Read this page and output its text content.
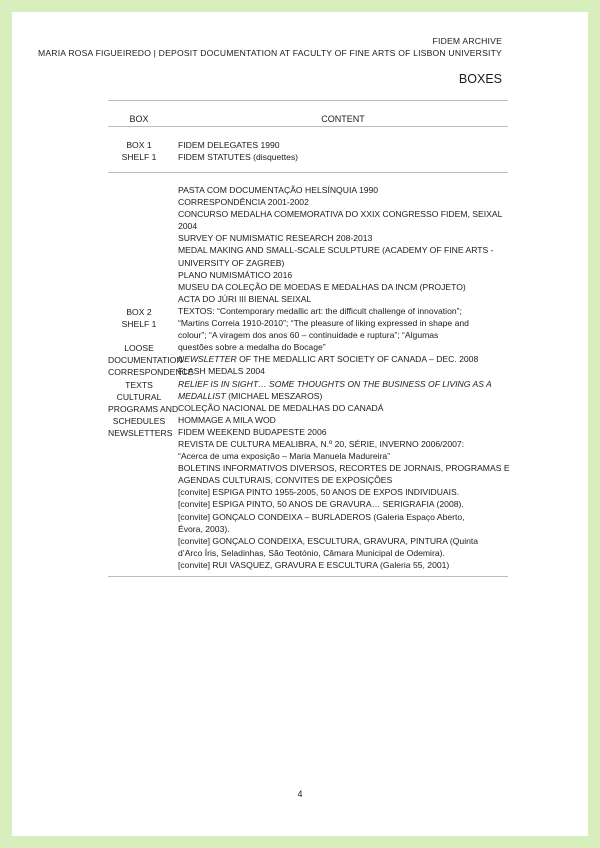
FIDEM ARCHIVE
MARIA ROSA FIGUEIREDO | DEPOSIT DOCUMENTATION AT FACULTY OF FINE ARTS OF LISBON UNIVERSITY
BOXES
BOX	CONTENT
BOX 1
SHELF 1
FIDEM DELEGATES 1990
FIDEM STATUTES (disquettes)
BOX 2
SHELF 1

LOOSE
DOCUMENTATION
CORRESPONDENCE
TEXTS
CULTURAL
PROGRAMS AND
SCHEDULES
NEWSLETTERS
PASTA COM DOCUMENTAÇÃO HELSÍNQUIA 1990
CORRESPONDÊNCIA 2001-2002
CONCURSO MEDALHA COMEMORATIVA DO XXIX CONGRESSO FIDEM, SEIXAL
2004
SURVEY OF NUMISMATIC RESEARCH 208-2013
MEDAL MAKING AND SMALL-SCALE SCULPTURE (ACADEMY OF FINE ARTS -
UNIVERSITY OF ZAGREB)
PLANO NUMISMÁTICO 2016
MUSEU DA COLEÇÃO DE MOEDAS E MEDALHAS DA INCM (PROJETO)
ACTA DO JÚRI III BIENAL SEIXAL
TEXTOS: “Contemporary medallic art: the difficult challenge of innovation”;
“Martins Correia 1910-2010”; “The pleasure of liking expressed in shape and
colour”; “A viragem dos anos 60 – continuidade e ruptura”; “Algumas
questões sobre a medalha do Bocage”
NEWSLETTER OF THE MEDALLIC ART SOCIETY OF CANADA – DEC. 2008
FLASH MEDALS 2004
RELIEF IS IN SIGHT… SOME THOUGHTS ON THE BUSINESS OF LIVING AS A
MEDALLIST (MICHAEL MESZAROS)
COLEÇÃO NACIONAL DE MEDALHAS DO CANADÁ
HOMMAGE A MILA WOD
FIDEM WEEKEND BUDAPESTE 2006
REVISTA DE CULTURA MEALIBRA, N.º 20, SÉRIE, INVERNO 2006/2007:
“Acerca de uma exposição – Maria Manuela Madureira”
BOLETINS INFORMATIVOS DIVERSOS, RECORTES DE JORNAIS, PROGRAMAS E
AGENDAS CULTURAIS, CONVITES DE EXPOSIÇÕES
[convite] ESPIGA PINTO 1955-2005, 50 ANOS DE EXPOS INDIVIDUAIS.
[convite] ESPIGA PINTO, 50 ANOS DE GRAVURA… SERIGRAFIA (2008).
[convite] GONÇALO CONDEIXA – BURLADEROS (Galeria Espaço Aberto,
Évora, 2003).
[convite] GONÇALO CONDEIXA, ESCULTURA, GRAVURA, PINTURA (Quinta
d’Arco Íris, Seladinhas, São Teotónio, Câmara Municipal de Odemira).
[convite] RUI VASQUEZ, GRAVURA E ESCULTURA (Galeria 55, 2001)
4
